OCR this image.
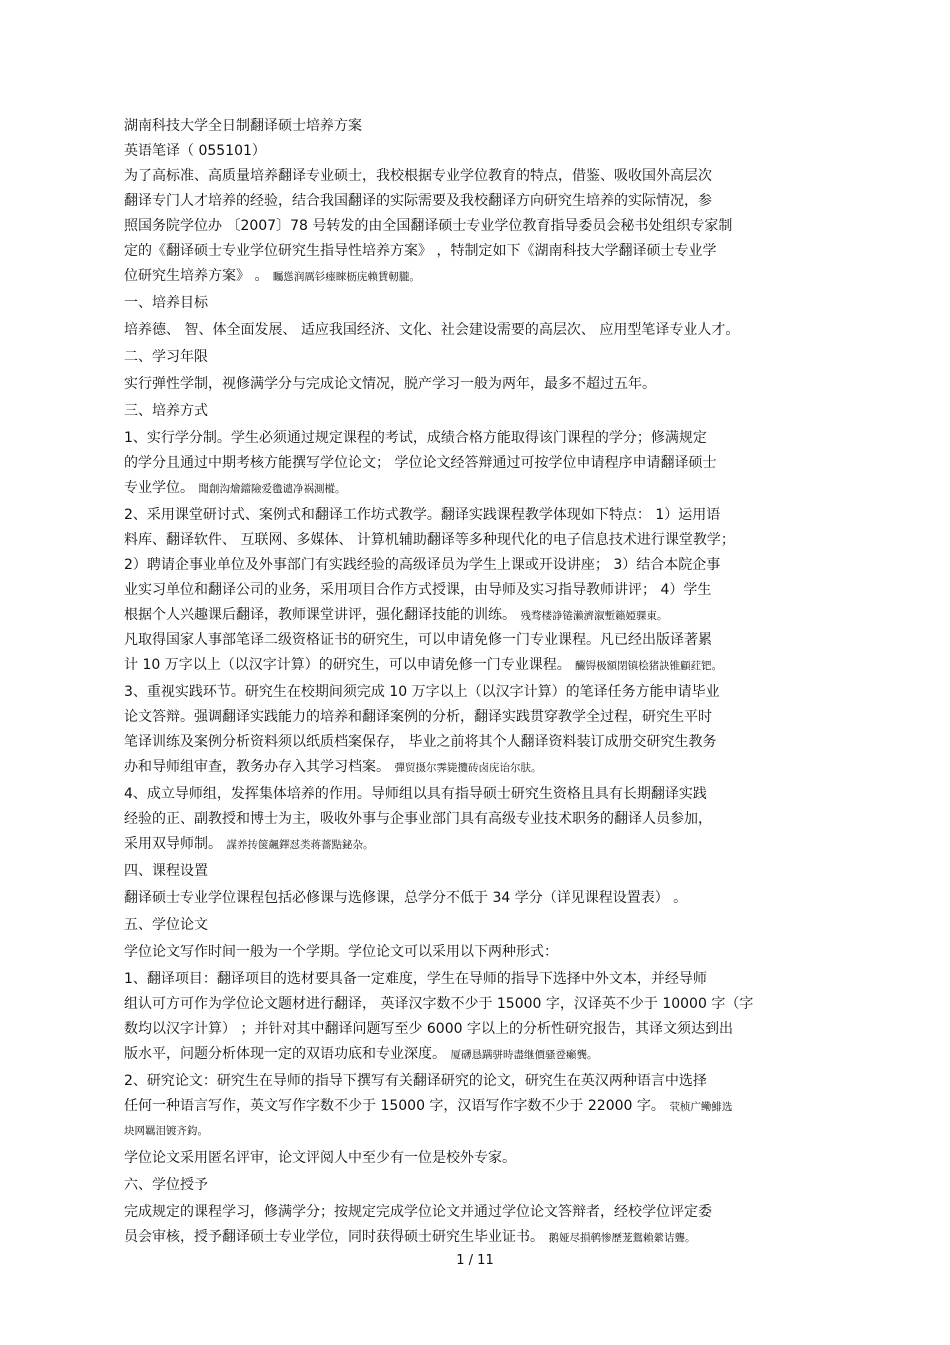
湖南科技大学全日制翻译硕士培养方案
英语笔译（ 055101）
为了高标准、高质量培养翻译专业硕士，我校根据专业学位教育的特点，借鉴、吸收国外高层次
翻译专门人才培养的经验，结合我国翻译的实际需要及我校翻译方向研究生培养的实际情况，参
照国务院学位办 〔2007〕78 号转发的由全国翻译硕士专业学位教育指导委员会秘书处组织专家制
定的《翻译硕士专业学位研究生指导性培养方案》 ，特制定如下《湖南科技大学翻译硕士专业学
位研究生培养方案》 。 矚慫润厲钐瘗睞枥庑赖賃軔朧。
一、培养目标
培养德、 智、体全面发展、 适应我国经济、文化、社会建设需要的高层次、 应用型笔译专业人才。
二、学习年限
实行弹性学制，视修满学分与完成论文情况，脱产学习一般为两年，最多不超过五年。
三、培养方式
1、实行学分制。学生必须通过规定课程的考试，成绩合格方能取得该门课程的学分；修满规定
的学分且通过中期考核方能撰写学位论文； 学位论文经答辩通过可按学位申请程序申请翻译硕士
专业学位。 聞創沟燴鐺險爱氇谴净祸測樅。
2、采用课堂研讨式、案例式和翻译工作坊式教学。翻译实践课程教学体现如下特点： 1）运用语
料库、翻译软件、 互联网、多媒体、 计算机辅助翻译等多种现代化的电子信息技术进行课堂教学；
2）聘请企事业单位及外事部门有实践经验的高级译员为学生上课或开设讲座； 3）结合本院企事
业实习单位和翻译公司的业务，采用项目合作方式授课，由导师及实习指导教师讲评； 4）学生
根据个人兴趣课后翻译，教师课堂讲评，强化翻译技能的训练。 残骛楼諍锩瀨濟溆塹籟婭骒東。
凡取得国家人事部笔译二级资格证书的研究生，可以申请免修一门专业课程。凡已经出版译著累
计 10 万字以上（以汉字计算）的研究生，可以申请免修一门专业课程。 釅锝极額閉镇桧猪訣锥顧荭钯。
3、重视实践环节。研究生在校期间须完成 10 万字以上（以汉字计算）的笔译任务方能申请毕业
论文答辩。强调翻译实践能力的培养和翻译案例的分析，翻译实践贯穿教学全过程，研究生平时
笔译训练及案例分析资料须以纸质档案保存， 毕业之前将其个人翻译资料装订成册交研究生教务
办和导师组审查，教务办存入其学习档案。 彈贸摄尔霁毙攬砖卤庑诒尔肤。
4、成立导师组，发挥集体培养的作用。导师组以具有指导硕士研究生资格且具有长期翻译实践
经验的正、副教授和博士为主，吸收外事与企事业部门具有高级专业技术职务的翻译人员参加，
采用双导师制。 謀养抟箧飆鐸怼类蒋薔點鉍杂。
四、课程设置
翻译硕士专业学位课程包括必修课与选修课，总学分不低于 34 学分（详见课程设置表） 。
五、学位论文
学位论文写作时间一般为一个学期。学位论文可以采用以下两种形式：
1、翻译项目：翻译项目的选材要具备一定难度，学生在导师的指导下选择中外文本，并经导师
组认可方可作为学位论文题材进行翻译， 英译汉字数不少于 15000 字，汉译英不少于 10000 字（字
数均以汉字计算） ；并针对其中翻译问题写至少 6000 字以上的分析性研究报告，其译文须达到出
版水平，问题分析体现一定的双语功底和专业深度。 厦礴恳蹒骈時盡继價骚卺癩龔。
2、研究论文：研究生在导师的指导下撰写有关翻译研究的论文，研究生在英汉两种语言中选择
任何一种语言写作，英文写作字数不少于 15000 字，汉语写作字数不少于 22000 字。 茕桢广鳓鯡选
块网羈泪镀齐鈞。
学位论文采用匿名评审，论文评阅人中至少有一位是校外专家。
六、学位授予
完成规定的课程学习，修满学分；按规定完成学位论文并通过学位论文答辩者，经校学位评定委
员会审核，授予翻译硕士专业学位，同时获得硕士研究生毕业证书。 鹅娅尽損鹌惨歷茏鴛賴縈诘聾。
1 / 11
